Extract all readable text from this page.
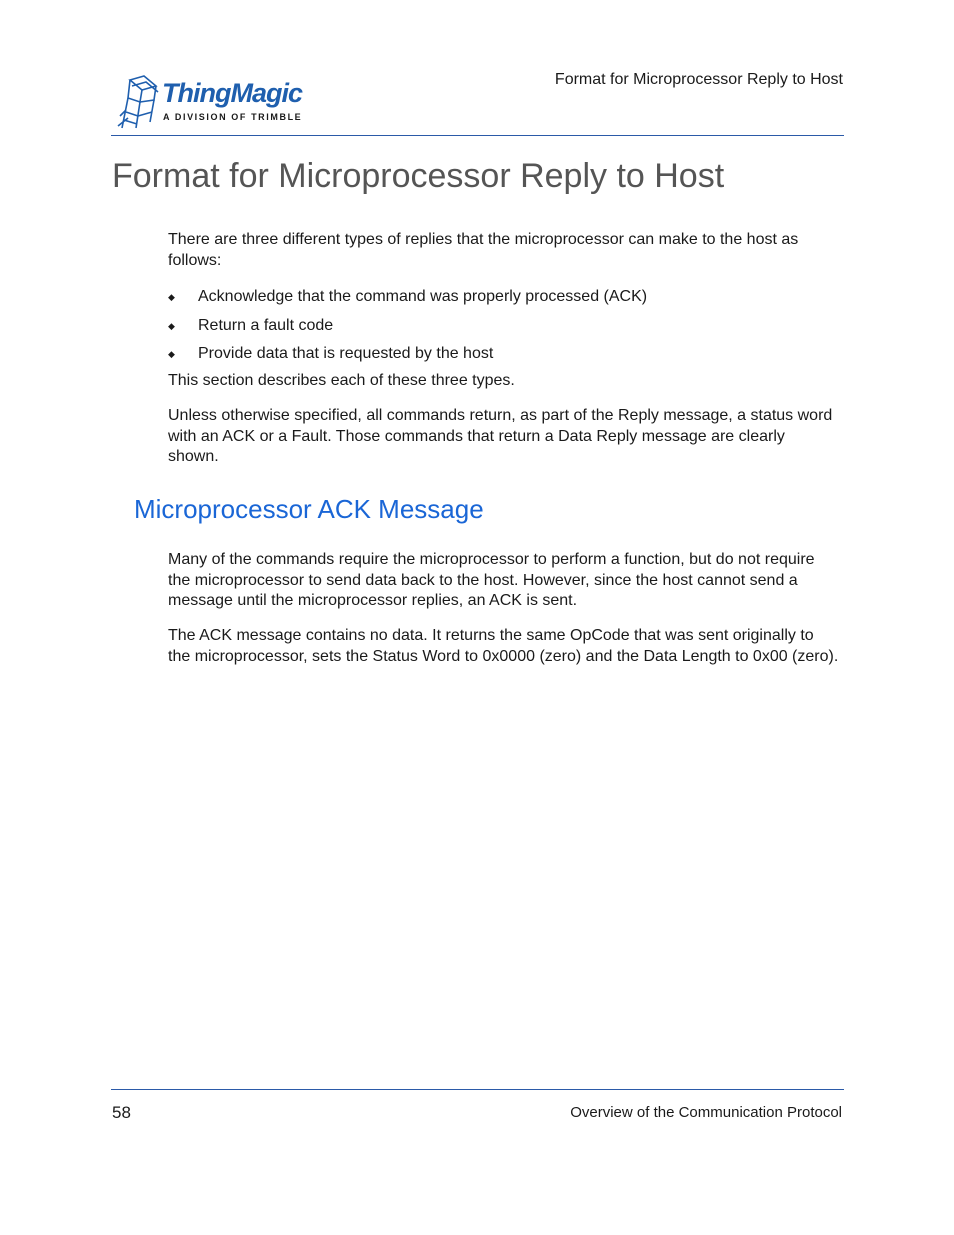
ThingMagic
A DIVISION OF TRIMBLE
Format for Microprocessor Reply to Host
Format for Microprocessor Reply to Host

There are three different types of replies that the microprocessor can make to the host as follows:

◆ Acknowledge that the command was properly processed (ACK)
◆ Return a fault code
◆ Provide data that is requested by the host

This section describes each of these three types.

Unless otherwise specified, all commands return, as part of the Reply message, a status word with an ACK or a Fault. Those commands that return a Data Reply message are clearly shown.

Microprocessor ACK Message

Many of the commands require the microprocessor to perform a function, but do not require the microprocessor to send data back to the host. However, since the host cannot send a message until the microprocessor replies, an ACK is sent.

The ACK message contains no data. It returns the same OpCode that was sent originally to the microprocessor, sets the Status Word to 0x0000 (zero) and the Data Length to 0x00 (zero).

58	Overview of the Communication Protocol
